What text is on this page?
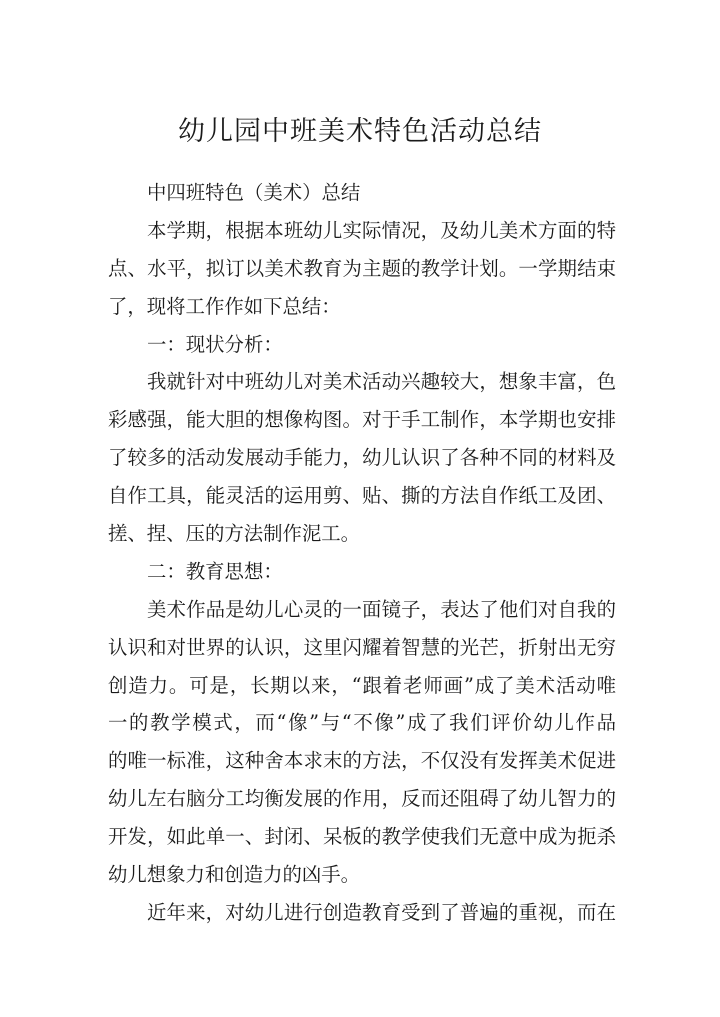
幼儿园中班美术特色活动总结
中四班特色（美术）总结
本学期，根据本班幼儿实际情况，及幼儿美术方面的特
点、水平，拟订以美术教育为主题的教学计划。一学期结束
了，现将工作作如下总结：
一：现状分析：
我就针对中班幼儿对美术活动兴趣较大，想象丰富，色
彩感强，能大胆的想像构图。对于手工制作，本学期也安排
了较多的活动发展动手能力，幼儿认识了各种不同的材料及
自作工具，能灵活的运用剪、贴、撕的方法自作纸工及团、
搓、捏、压的方法制作泥工。
二：教育思想：
美术作品是幼儿心灵的一面镜子，表达了他们对自我的
认识和对世界的认识，这里闪耀着智慧的光芒，折射出无穷
创造力。可是，长期以来，“跟着老师画”成了美术活动唯
一的教学模式，而“像”与“不像”成了我们评价幼儿作品
的唯一标准，这种舍本求末的方法，不仅没有发挥美术促进
幼儿左右脑分工均衡发展的作用，反而还阻碍了幼儿智力的
开发，如此单一、封闭、呆板的教学使我们无意中成为扼杀
幼儿想象力和创造力的凶手。
近年来，对幼儿进行创造教育受到了普遍的重视，而在
